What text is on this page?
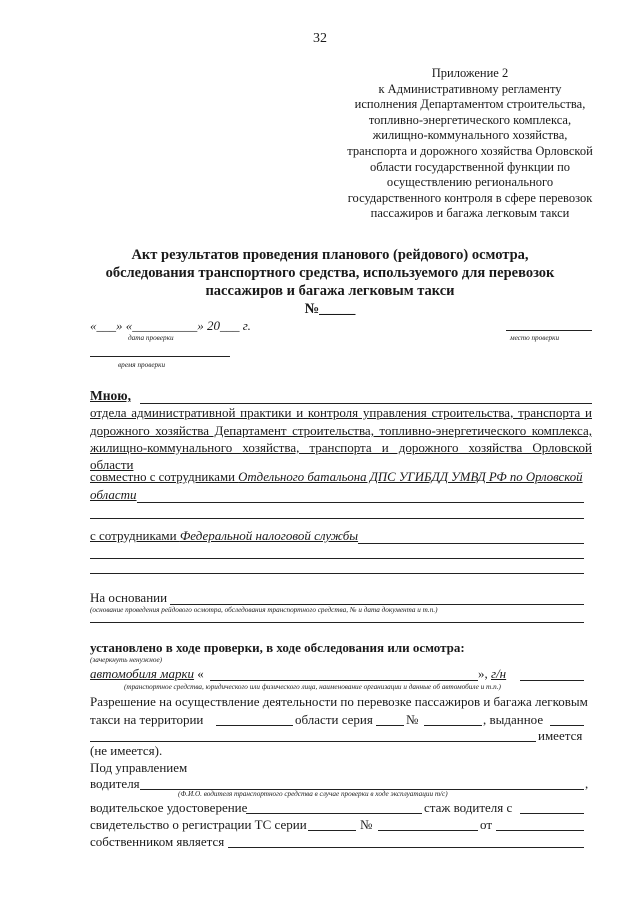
32
Приложение 2
к Административному регламенту
исполнения Департаментом строительства,
топливно-энергетического комплекса,
жилищно-коммунального хозяйства,
транспорта и дорожного хозяйства Орловской
области государственной функции по
осуществлению регионального
государственного контроля в сфере перевозок
пассажиров и багажа легковым такси
Акт результатов проведения планового (рейдового) осмотра,
обследования транспортного средства, используемого для перевозок
пассажиров и багажа легковым такси
№_____
«___» «__________» 20___ г.
дата проверки	место проверки
время проверки
Мною,
отдела административной практики и контроля управления строительства, транспорта и
дорожного хозяйства Департамент строительства, топливно-энергетического комплекса,
жилищно-коммунального хозяйства, транспорта и дорожного хозяйства Орловской
области
совместно с сотрудниками Отдельного батальона ДПС УГИБДД УМВД РФ по Орловской
области
с сотрудниками Федеральной налоговой службы
На основании
(основание проведения рейдового осмотра, обследования транспортного средства, № и дата документа и т.п.)
установлено в ходе проверки, в ходе обследования или осмотра:
(зачеркнуть ненужное)
автомобиля марки «	», г/н
(транспортное средства, юридического или физического лица, наименование организации и данные об автомобиле и т.п.)
Разрешение на осуществление деятельности по перевозке пассажиров и багажа легковым
такси на территории	области серия	№	, выданное
имеется
(не имеется).
Под управлением
водителя	,
(Ф.И.О. водителя транспортного средства в случае проверки в ходе эксплуатации т/с)
водительское удостоверение	стаж водителя с
свидетельство о регистрации ТС серии	№	от
собственником является
